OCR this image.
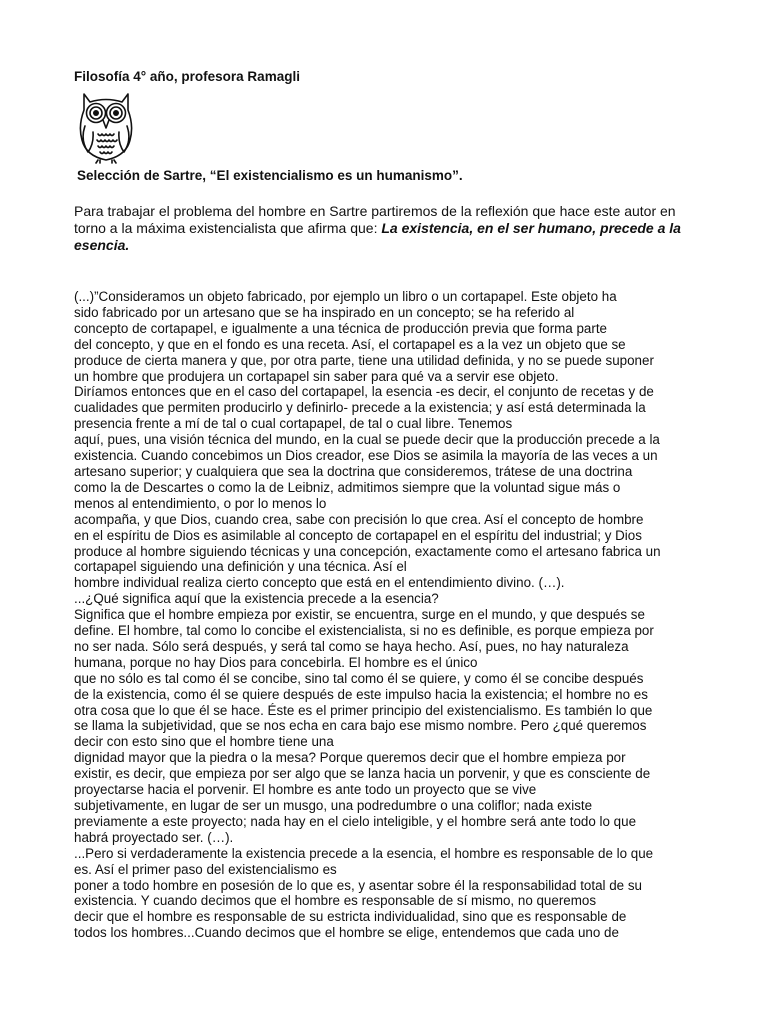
Filosofía 4° año, profesora Ramagli

Selección de Sartre, “El existencialismo es un humanismo”.

Para trabajar el problema del hombre en Sartre partiremos de la reflexión que hace este autor en torno a la máxima existencialista que afirma que: La existencia, en el ser humano, precede a la esencia.

(...)”Consideramos un objeto fabricado, por ejemplo un libro o un cortapapel. Este objeto ha
sido fabricado por un artesano que se ha inspirado en un concepto; se ha referido al
concepto de cortapapel, e igualmente a una técnica de producción previa que forma parte
del concepto, y que en el fondo es una receta. Así, el cortapapel es a la vez un objeto que se
produce de cierta manera y que, por otra parte, tiene una utilidad definida, y no se puede suponer
un hombre que produjera un cortapapel sin saber para qué va a servir ese objeto.
Diríamos entonces que en el caso del cortapapel, la esencia -es decir, el conjunto de recetas y de
cualidades que permiten producirlo y definirlo- precede a la existencia; y así está determinada la
presencia frente a mí de tal o cual cortapapel, de tal o cual libre. Tenemos
aquí, pues, una visión técnica del mundo, en la cual se puede decir que la producción precede a la
existencia. Cuando concebimos un Dios creador, ese Dios se asimila la mayoría de las veces a un
artesano superior; y cualquiera que sea la doctrina que consideremos, trátese de una doctrina
como la de Descartes o como la de Leibniz, admitimos siempre que la voluntad sigue más o
menos al entendimiento, o por lo menos lo
acompaña, y que Dios, cuando crea, sabe con precisión lo que crea. Así el concepto de hombre
en el espíritu de Dios es asimilable al concepto de cortapapel en el espíritu del industrial; y Dios
produce al hombre siguiendo técnicas y una concepción, exactamente como el artesano fabrica un
cortapapel siguiendo una definición y una técnica. Así el
hombre individual realiza cierto concepto que está en el entendimiento divino. (…).
...¿Qué significa aquí que la existencia precede a la esencia?
Significa que el hombre empieza por existir, se encuentra, surge en el mundo, y que después se
define. El hombre, tal como lo concibe el existencialista, si no es definible, es porque empieza por
no ser nada. Sólo será después, y será tal como se haya hecho. Así, pues, no hay naturaleza
humana, porque no hay Dios para concebirla. El hombre es el único
que no sólo es tal como él se concibe, sino tal como él se quiere, y como él se concibe después
de la existencia, como él se quiere después de este impulso hacia la existencia; el hombre no es
otra cosa que lo que él se hace. Éste es el primer principio del existencialismo. Es también lo que
se llama la subjetividad, que se nos echa en cara bajo ese mismo nombre. Pero ¿qué queremos
decir con esto sino que el hombre tiene una
dignidad mayor que la piedra o la mesa? Porque queremos decir que el hombre empieza por
existir, es decir, que empieza por ser algo que se lanza hacia un porvenir, y que es consciente de
proyectarse hacia el porvenir. El hombre es ante todo un proyecto que se vive
subjetivamente, en lugar de ser un musgo, una podredumbre o una coliflor; nada existe
previamente a este proyecto; nada hay en el cielo inteligible, y el hombre será ante todo lo que
habrá proyectado ser. (…).
...Pero si verdaderamente la existencia precede a la esencia, el hombre es responsable de lo que
es. Así el primer paso del existencialismo es
poner a todo hombre en posesión de lo que es, y asentar sobre él la responsabilidad total de su
existencia. Y cuando decimos que el hombre es responsable de sí mismo, no queremos
decir que el hombre es responsable de su estricta individualidad, sino que es responsable de
todos los hombres...Cuando decimos que el hombre se elige, entendemos que cada uno de
